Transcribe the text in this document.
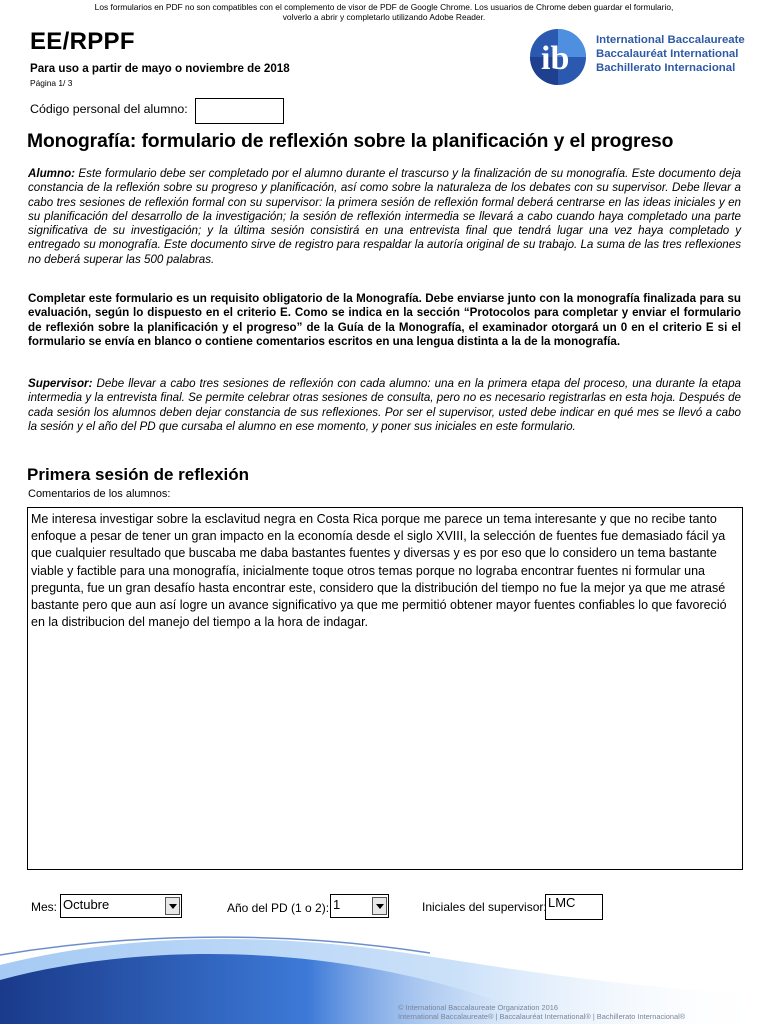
Los formularios en PDF no son compatibles con el complemento de visor de PDF de Google Chrome. Los usuarios de Chrome deben guardar el formulario,
volverlo a abrir y completarlo utilizando Adobe Reader.
EE/RPPF
Para uso a partir de mayo o noviembre de 2018
Página 1/ 3
ib International Baccalaureate
Baccalauréat International
Bachillerato Internacional
Código personal del alumno:
Monografía: formulario de reflexión sobre la planificación y el progreso

Alumno: Este formulario debe ser completado por el alumno durante el trascurso y la finalización de su monografía. Este documento deja constancia de la reflexión sobre su progreso y planificación, así como sobre la naturaleza de los debates con su supervisor. Debe llevar a cabo tres sesiones de reflexión formal con su supervisor: la primera sesión de reflexión formal deberá centrarse en las ideas iniciales y en su planificación del desarrollo de la investigación; la sesión de reflexión intermedia se llevará a cabo cuando haya completado una parte significativa de su investigación; y la última sesión consistirá en una entrevista final que tendrá lugar una vez haya completado y entregado su monografía. Este documento sirve de registro para respaldar la autoría original de su trabajo. La suma de las tres reflexiones no deberá superar las 500 palabras.

Completar este formulario es un requisito obligatorio de la Monografía. Debe enviarse junto con la monografía finalizada para su evaluación, según lo dispuesto en el criterio E. Como se indica en la sección “Protocolos para completar y enviar el formulario de reflexión sobre la planificación y el progreso” de la Guía de la Monografía, el examinador otorgará un 0 en el criterio E si el formulario se envía en blanco o contiene comentarios escritos en una lengua distinta a la de la monografía.

Supervisor: Debe llevar a cabo tres sesiones de reflexión con cada alumno: una en la primera etapa del proceso, una durante la etapa intermedia y la entrevista final. Se permite celebrar otras sesiones de consulta, pero no es necesario registrarlas en esta hoja. Después de cada sesión los alumnos deben dejar constancia de sus reflexiones. Por ser el supervisor, usted debe indicar en qué mes se llevó a cabo la sesión y el año del PD que cursaba el alumno en ese momento, y poner sus iniciales en este formulario.

Primera sesión de reflexión
Comentarios de los alumnos:
Me interesa investigar sobre la esclavitud negra en Costa Rica porque me parece un tema interesante y que no recibe tanto enfoque a pesar de tener un gran impacto en la economía desde el siglo XVIII, la selección de fuentes fue demasiado fácil ya que cualquier resultado que buscaba me daba bastantes fuentes y diversas y es por eso que lo considero un tema bastante viable y factible para una monografía, inicialmente toque otros temas porque no lograba encontrar fuentes ni formular una pregunta, fue un gran desafío hasta encontrar este, considero que la distribución del tiempo no fue la mejor ya que me atrasé bastante pero que aun así logre un avance significativo ya que me permitió obtener mayor fuentes confiables lo que favoreció en la distribucion del manejo del tiempo a la hora de indagar.
Mes: Octubre	Año del PD (1 o 2): 1	Iniciales del supervisor: LMC
© International Baccalaureate Organization 2016
International Baccalaureate® | Baccalauréat International® | Bachillerato Internacional®
